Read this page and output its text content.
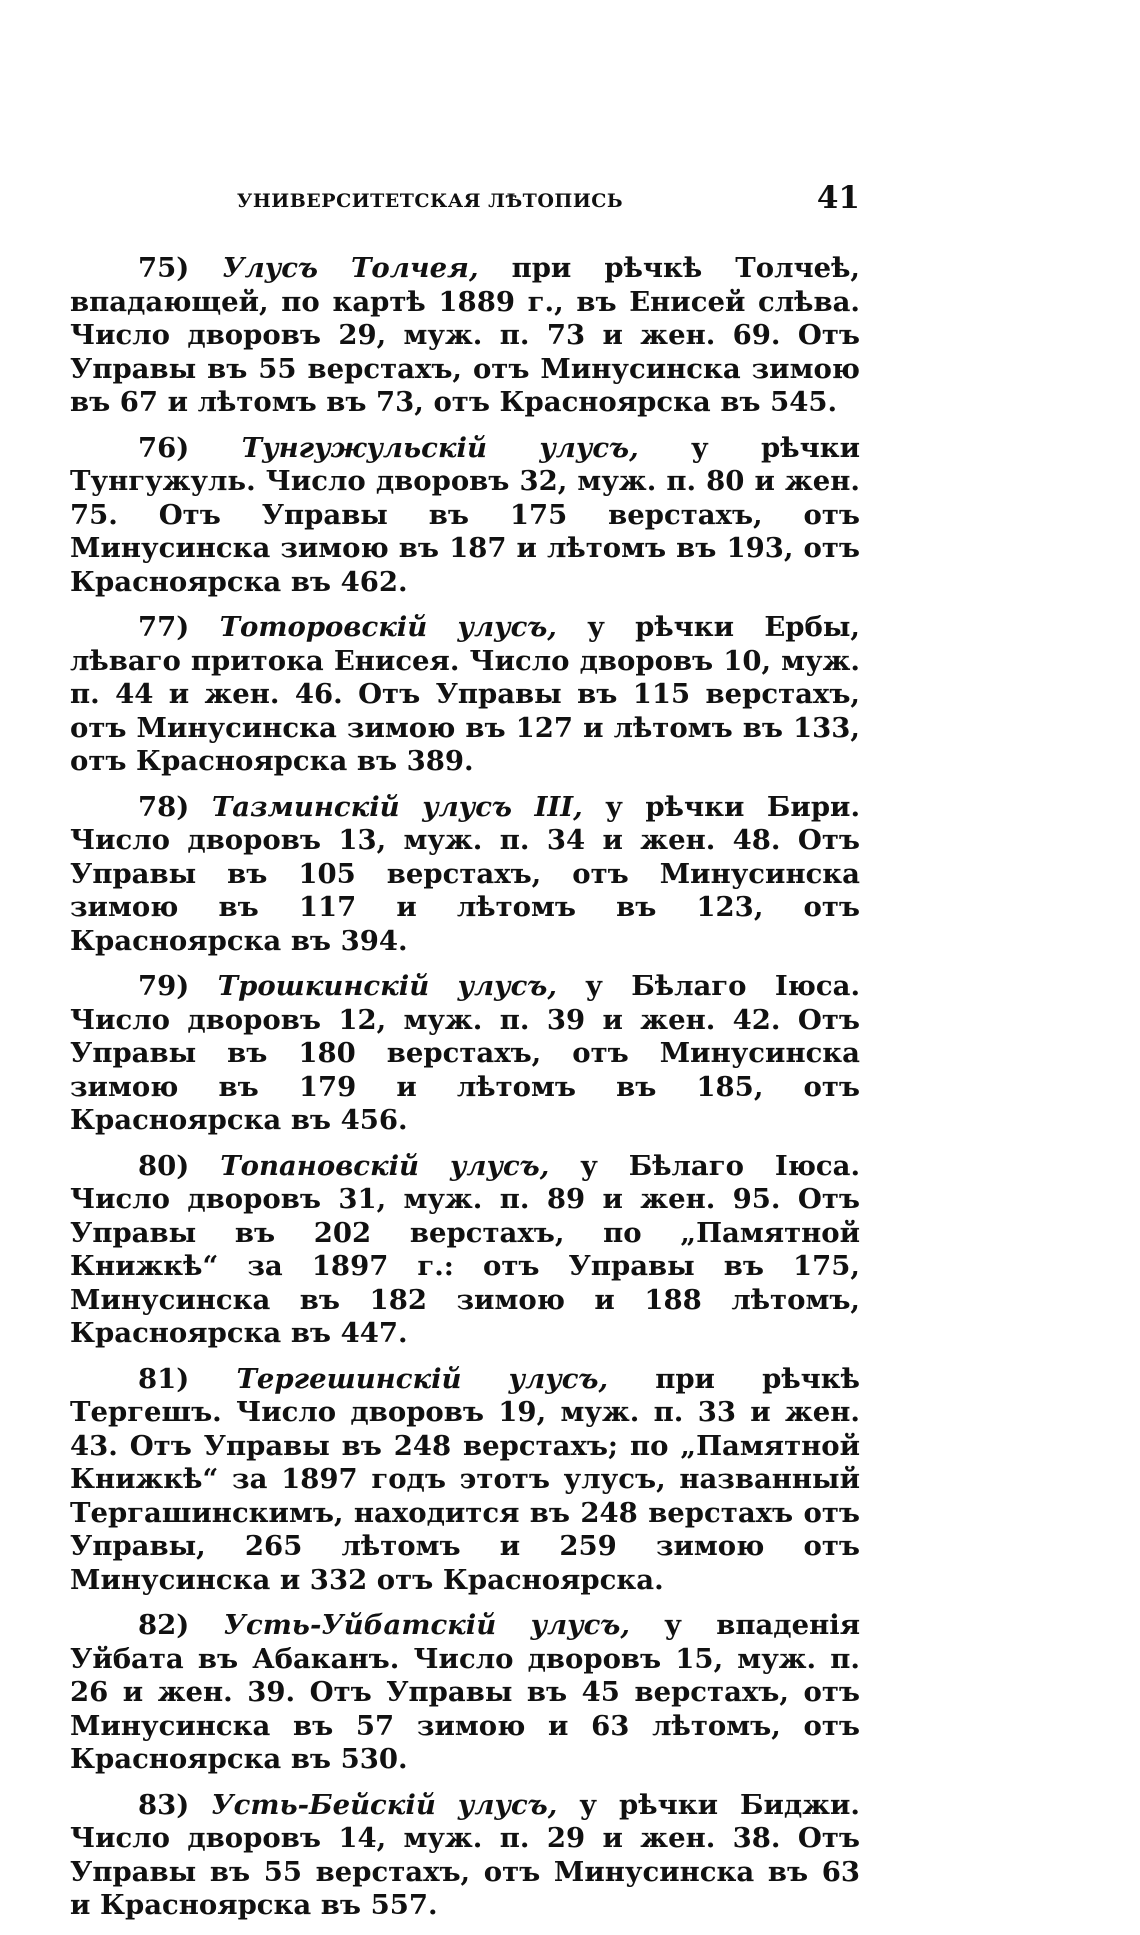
УНИВЕРСИТЕТСКАЯ ЛѢТОПИСЬ	41

75) Улусъ Толчея, при рѣчкѣ Толчеѣ, впадающей, по картѣ 1889 г., въ Енисей слѣва. Число дворовъ 29, муж. п. 73 и жен. 69. Отъ Управы въ 55 верстахъ, отъ Минусинска зимою въ 67 и лѣтомъ въ 73, отъ Красноярска въ 545.

76) Тунгужульскій улусъ, у рѣчки Тунгужуль. Число дворовъ 32, муж. п. 80 и жен. 75. Отъ Управы въ 175 верстахъ, отъ Минусинска зимою въ 187 и лѣтомъ въ 193, отъ Красноярска въ 462.

77) Тоторовскій улусъ, у рѣчки Ербы, лѣваго притока Енисея. Число дворовъ 10, муж. п. 44 и жен. 46. Отъ Управы въ 115 верстахъ, отъ Минусинска зимою въ 127 и лѣтомъ въ 133, отъ Красноярска въ 389.

78) Тазминскій улусъ III, у рѣчки Бири. Число дворовъ 13, муж. п. 34 и жен. 48. Отъ Управы въ 105 верстахъ, отъ Минусинска зимою въ 117 и лѣтомъ въ 123, отъ Красноярска въ 394.

79) Трошкинскій улусъ, у Бѣлаго Іюса. Число дворовъ 12, муж. п. 39 и жен. 42. Отъ Управы въ 180 верстахъ, отъ Минусинска зимою въ 179 и лѣтомъ въ 185, отъ Красноярска въ 456.

80) Топановскій улусъ, у Бѣлаго Іюса. Число дворовъ 31, муж. п. 89 и жен. 95. Отъ Управы въ 202 верстахъ, по „Памятной Книжкѣ“ за 1897 г.: отъ Управы въ 175, Минусинска въ 182 зимою и 188 лѣтомъ, Красноярска въ 447.

81) Тергешинскій улусъ, при рѣчкѣ Тергешъ. Число дворовъ 19, муж. п. 33 и жен. 43. Отъ Управы въ 248 верстахъ; по „Памятной Книжкѣ“ за 1897 годъ этотъ улусъ, названный Тергашинскимъ, находится въ 248 верстахъ отъ Управы, 265 лѣтомъ и 259 зимою отъ Минусинска и 332 отъ Красноярска.

82) Усть-Уйбатскій улусъ, у впаденія Уйбата въ Абаканъ. Число дворовъ 15, муж. п. 26 и жен. 39. Отъ Управы въ 45 верстахъ, отъ Минусинска въ 57 зимою и 63 лѣтомъ, отъ Красноярска въ 530.

83) Усть-Бейскій улусъ, у рѣчки Биджи. Число дворовъ 14, муж. п. 29 и жен. 38. Отъ Управы въ 55 верстахъ, отъ Минусинска въ 63 и Красноярска въ 557.
